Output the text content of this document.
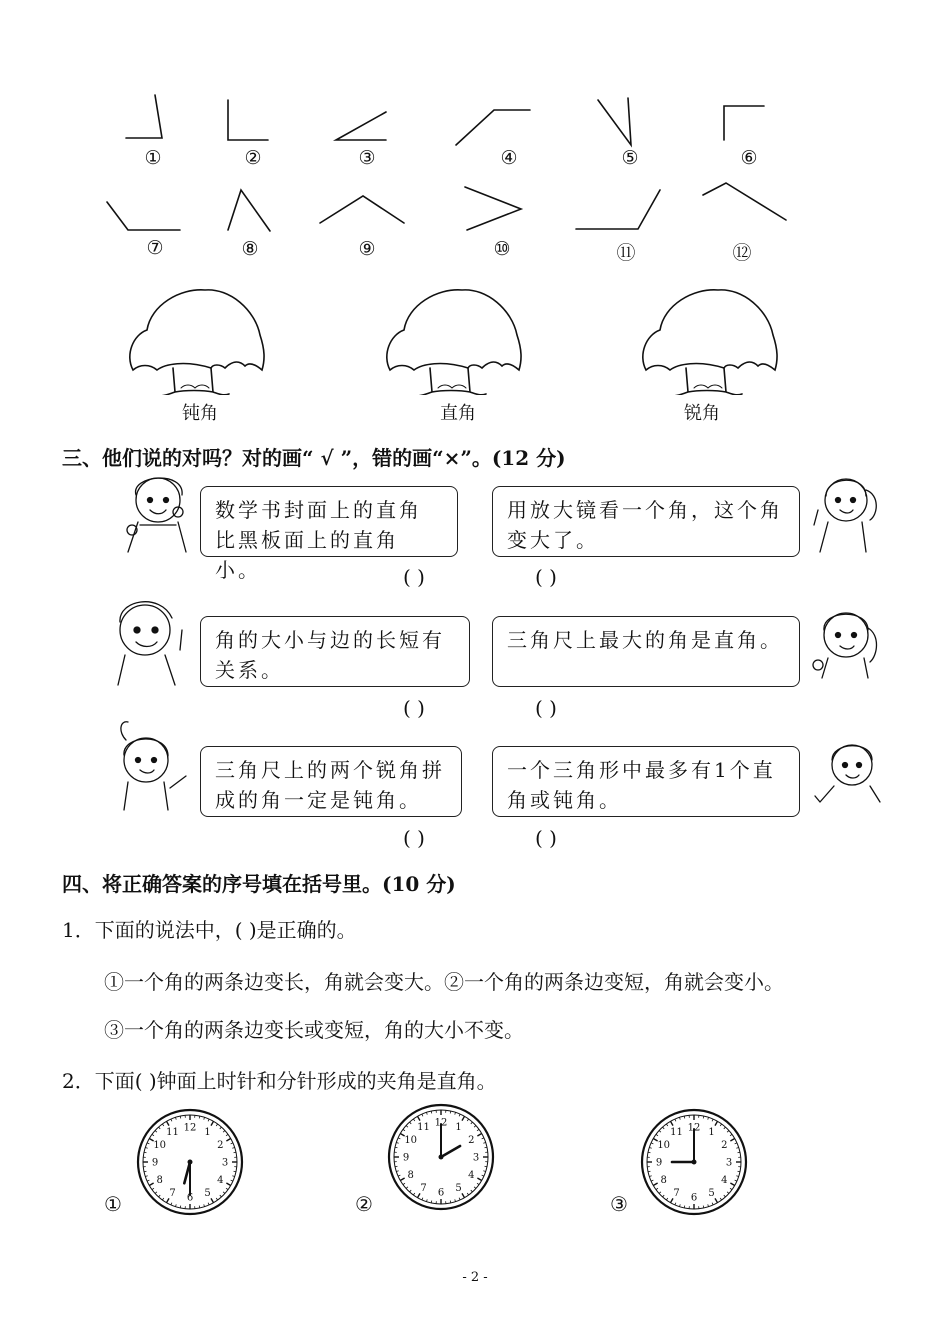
①	②	③	④	⑤	⑥
⑦	⑧	⑨	⑩	⑪	⑫
钝角	直角	锐角
三、他们说的对吗？对的画“ √ ”，错的画“×”。(12 分)
数学书封面上的直角比黑板面上的直角小。
用放大镜看一个角，这个角变大了。
( )	( )
角的大小与边的长短有关系。
三角尺上最大的角是直角。
( )	( )
三角尺上的两个锐角拼成的角一定是钝角。
一个三角形中最多有1个直角或钝角。
( )	( )
四、将正确答案的序号填在括号里。(10 分)
1．下面的说法中，( )是正确的。
①一个角的两条边变长，角就会变大。②一个角的两条边变短，角就会变小。
③一个角的两条边变长或变短，角的大小不变。
2．下面( )钟面上时针和分针形成的夹角是直角。
1
2
3
4
5
6
7
8
9
10
11 12	1
2
3
4
5
6
7
8
9
10
11 12
1
2
3
4
5
6
7
8
9
10
11 12
①	②	③
- 2 -
